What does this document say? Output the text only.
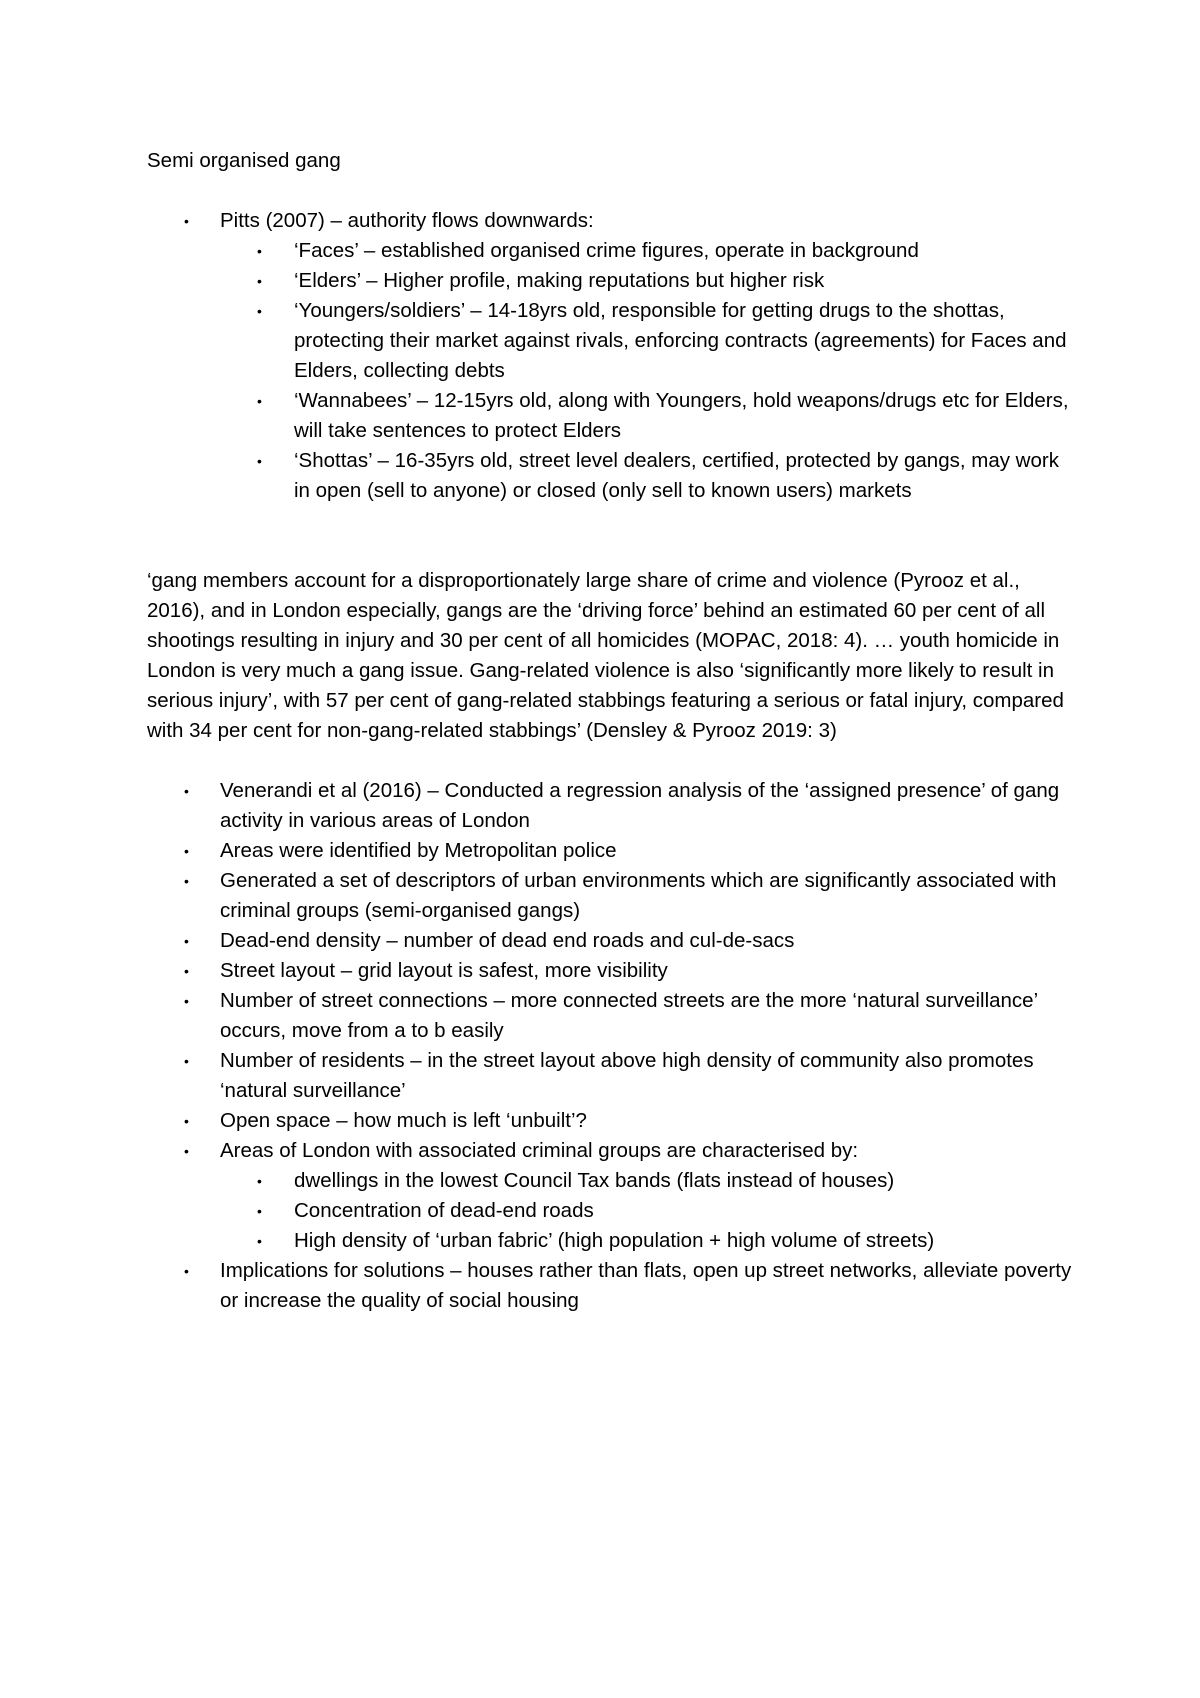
Semi organised gang

• Pitts (2007) – authority flows downwards:
• ‘Faces’ – established organised crime figures, operate in background
• ‘Elders’ – Higher profile, making reputations but higher risk
• ‘Youngers/soldiers’ – 14-18yrs old, responsible for getting drugs to the shottas, protecting their market against rivals, enforcing contracts (agreements) for Faces and Elders, collecting debts
• ‘Wannabees’ – 12-15yrs old, along with Youngers, hold weapons/drugs etc for Elders, will take sentences to protect Elders
• ‘Shottas’ – 16-35yrs old, street level dealers, certified, protected by gangs, may work in open (sell to anyone) or closed (only sell to known users) markets

‘gang members account for a disproportionately large share of crime and violence (Pyrooz et al., 2016), and in London especially, gangs are the ‘driving force’ behind an estimated 60 per cent of all shootings resulting in injury and 30 per cent of all homicides (MOPAC, 2018: 4). … youth homicide in London is very much a gang issue. Gang-related violence is also ‘significantly more likely to result in serious injury’, with 57 per cent of gang-related stabbings featuring a serious or fatal injury, compared with 34 per cent for non-gang-related stabbings’ (Densley & Pyrooz 2019: 3)

• Venerandi et al (2016) – Conducted a regression analysis of the ‘assigned presence’ of gang activity in various areas of London
• Areas were identified by Metropolitan police
• Generated a set of descriptors of urban environments which are significantly associated with criminal groups (semi-organised gangs)
• Dead-end density – number of dead end roads and cul-de-sacs
• Street layout – grid layout is safest, more visibility
• Number of street connections – more connected streets are the more ‘natural surveillance’ occurs, move from a to b easily
• Number of residents – in the street layout above high density of community also promotes ‘natural surveillance’
• Open space – how much is left ‘unbuilt’?
• Areas of London with associated criminal groups are characterised by:
• dwellings in the lowest Council Tax bands (flats instead of houses)
• Concentration of dead-end roads
• High density of ‘urban fabric’ (high population + high volume of streets)
• Implications for solutions – houses rather than flats, open up street networks, alleviate poverty or increase the quality of social housing
